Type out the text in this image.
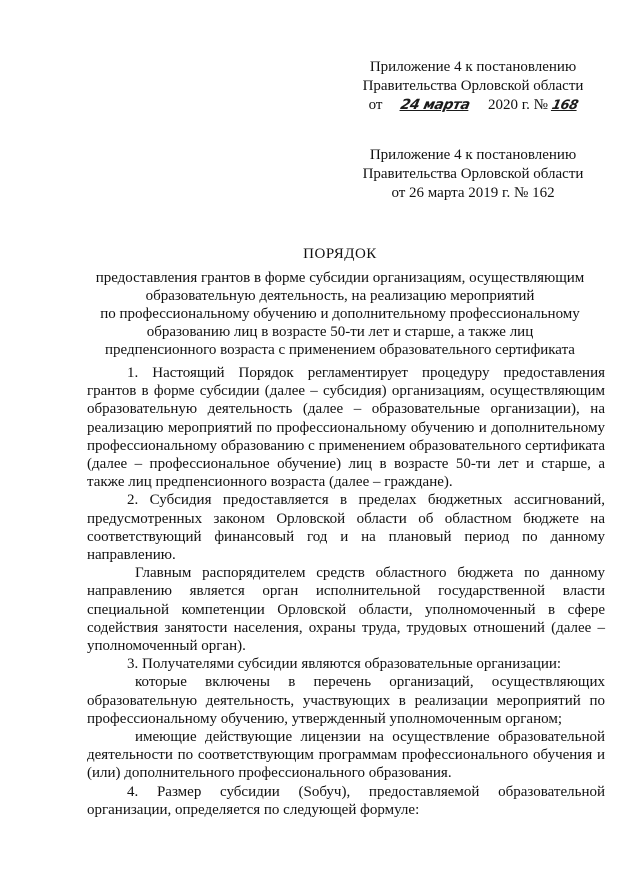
Приложение 4 к постановлению
Правительства Орловской области
от 24 марта 2020 г. № 168
Приложение 4 к постановлению
Правительства Орловской области
от 26 марта 2019 г. № 162
ПОРЯДОК
предоставления грантов в форме субсидии организациям, осуществляющим
образовательную деятельность, на реализацию мероприятий
по профессиональному обучению и дополнительному профессиональному
образованию лиц в возрасте 50-ти лет и старше, а также лиц
предпенсионного возраста с применением образовательного сертификата

1. Настоящий Порядок регламентирует процедуру предоставления грантов в форме субсидии (далее – субсидия) организациям, осуществляющим образовательную деятельность (далее – образовательные организации), на реализацию мероприятий по профессиональному обучению и дополнительному профессиональному образованию с применением образовательного сертификата (далее – профессиональное обучение) лиц в возрасте 50-ти лет и старше, а также лиц предпенсионного возраста (далее – граждане).

2. Субсидия предоставляется в пределах бюджетных ассигнований, предусмотренных законом Орловской области об областном бюджете на соответствующий финансовый год и на плановый период по данному направлению.

Главным распорядителем средств областного бюджета по данному направлению является орган исполнительной государственной власти специальной компетенции Орловской области, уполномоченный в сфере содействия занятости населения, охраны труда, трудовых отношений (далее – уполномоченный орган).

3. Получателями субсидии являются образовательные организации:

которые включены в перечень организаций, осуществляющих образовательную деятельность, участвующих в реализации мероприятий по профессиональному обучению, утвержденный уполномоченным органом;

имеющие действующие лицензии на осуществление образовательной деятельности по соответствующим программам профессионального обучения и (или) дополнительного профессионального образования.

4. Размер субсидии (Sобуч), предоставляемой образовательной организации, определяется по следующей формуле:
